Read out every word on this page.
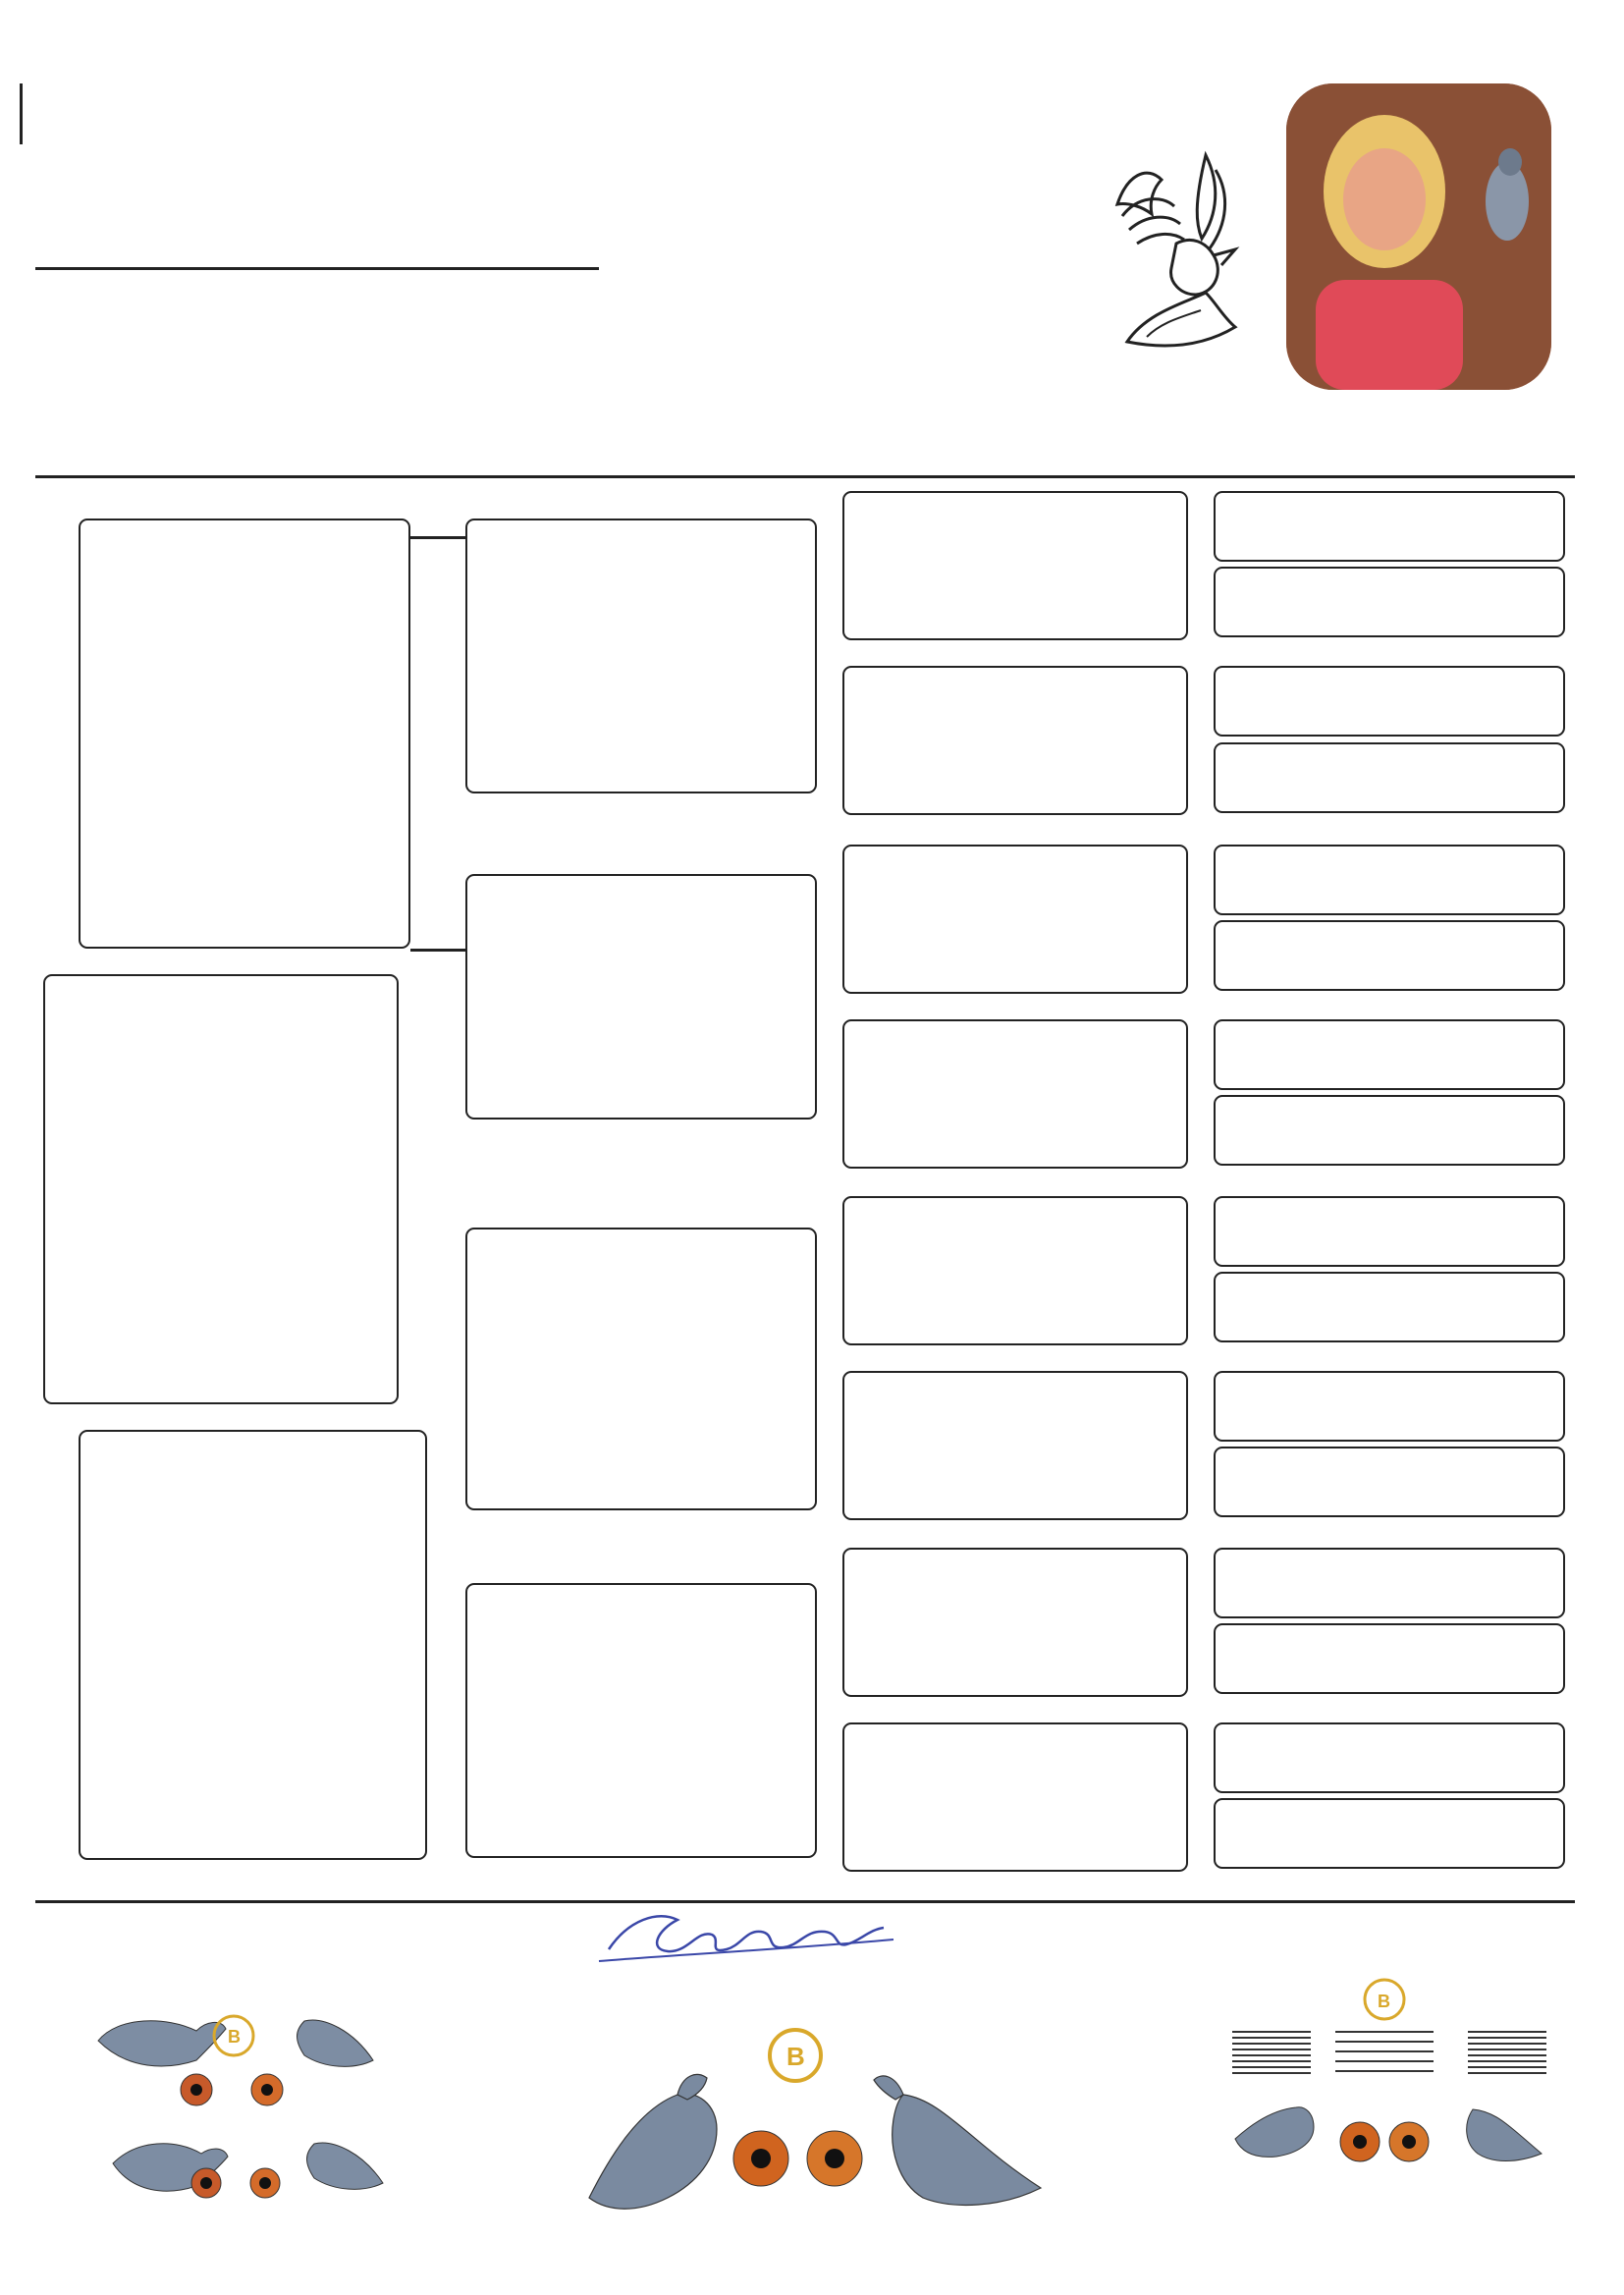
B
B
B
